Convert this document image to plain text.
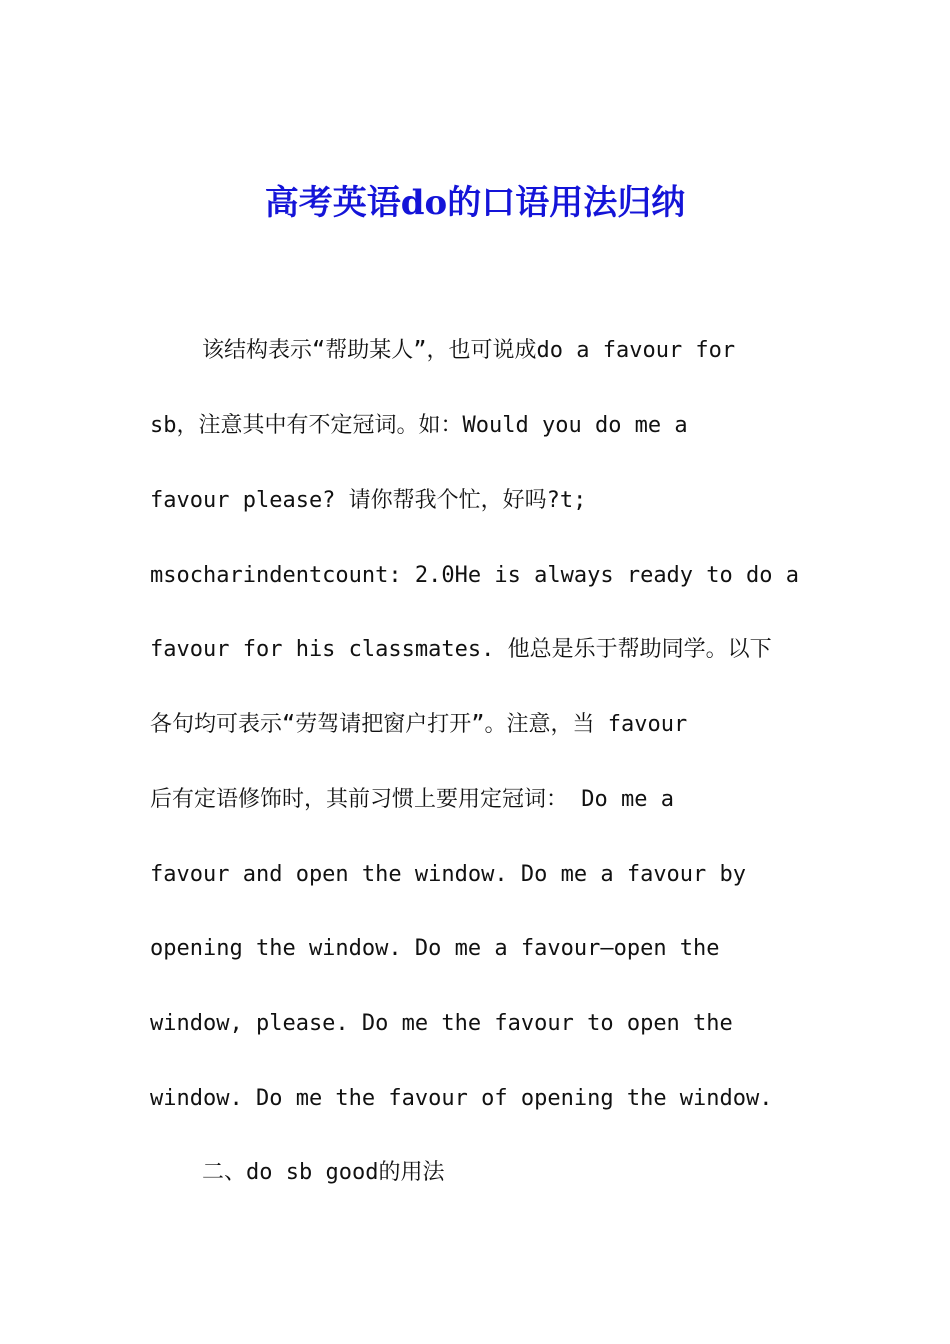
高考英语do的口语用法归纳
该结构表示“帮助某人”，也可说成do a favour for
sb，注意其中有不定冠词。如：Would you do me a
favour please? 请你帮我个忙，好吗?t;
msocharindentcount: 2.0He is always ready to do a
favour for his classmates. 他总是乐于帮助同学。以下
各句均可表示“劳驾请把窗户打开”。注意，当 favour
后有定语修饰时，其前习惯上要用定冠词： Do me a
favour and open the window. Do me a favour by
opening the window. Do me a favour—open the
window, please. Do me the favour to open the
window. Do me the favour of opening the window.
二、do sb good的用法
